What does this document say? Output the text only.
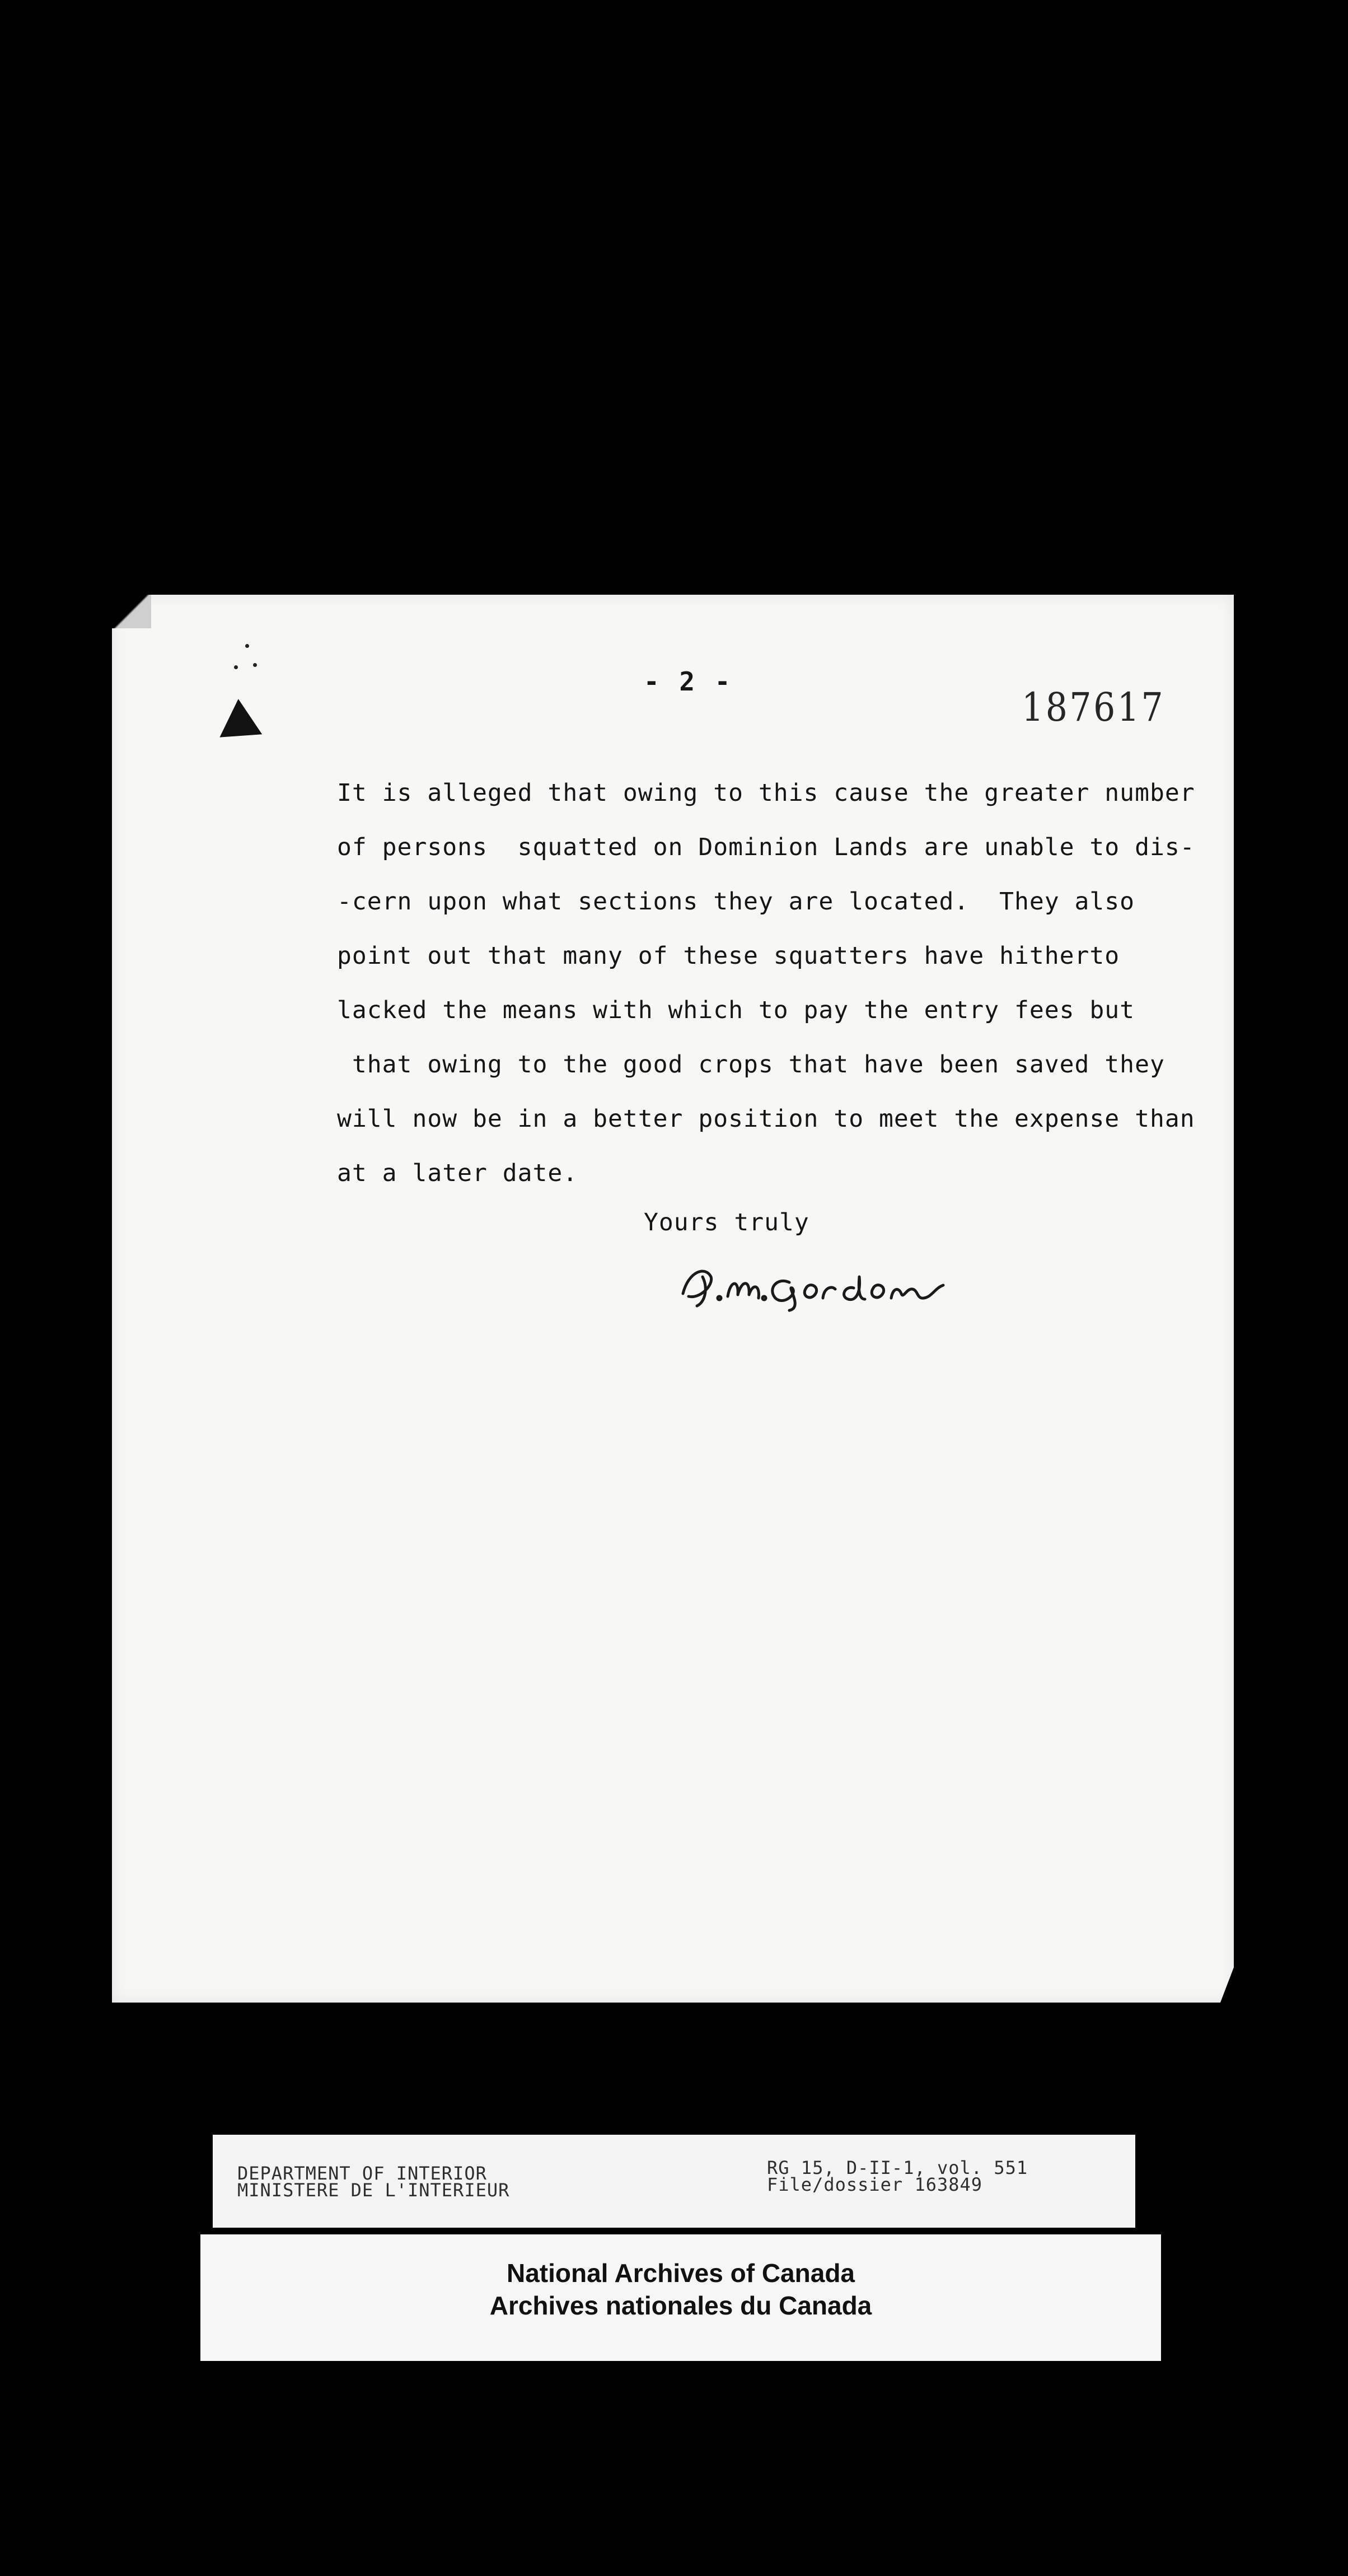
- 2 -
187617
It is alleged that owing to this cause the greater number
of persons  squatted on Dominion Lands are unable to dis-
-cern upon what sections they are located.  They also
point out that many of these squatters have hitherto
lacked the means with which to pay the entry fees but
that owing to the good crops that have been saved they
will now be in a better position to meet the expense than
at a later date.
Yours truly
DEPARTMENT OF INTERIOR
MINISTERE DE L'INTERIEUR
RG 15, D-II-1, vol. 551
File/dossier 163849
National Archives of Canada
Archives nationales du Canada
